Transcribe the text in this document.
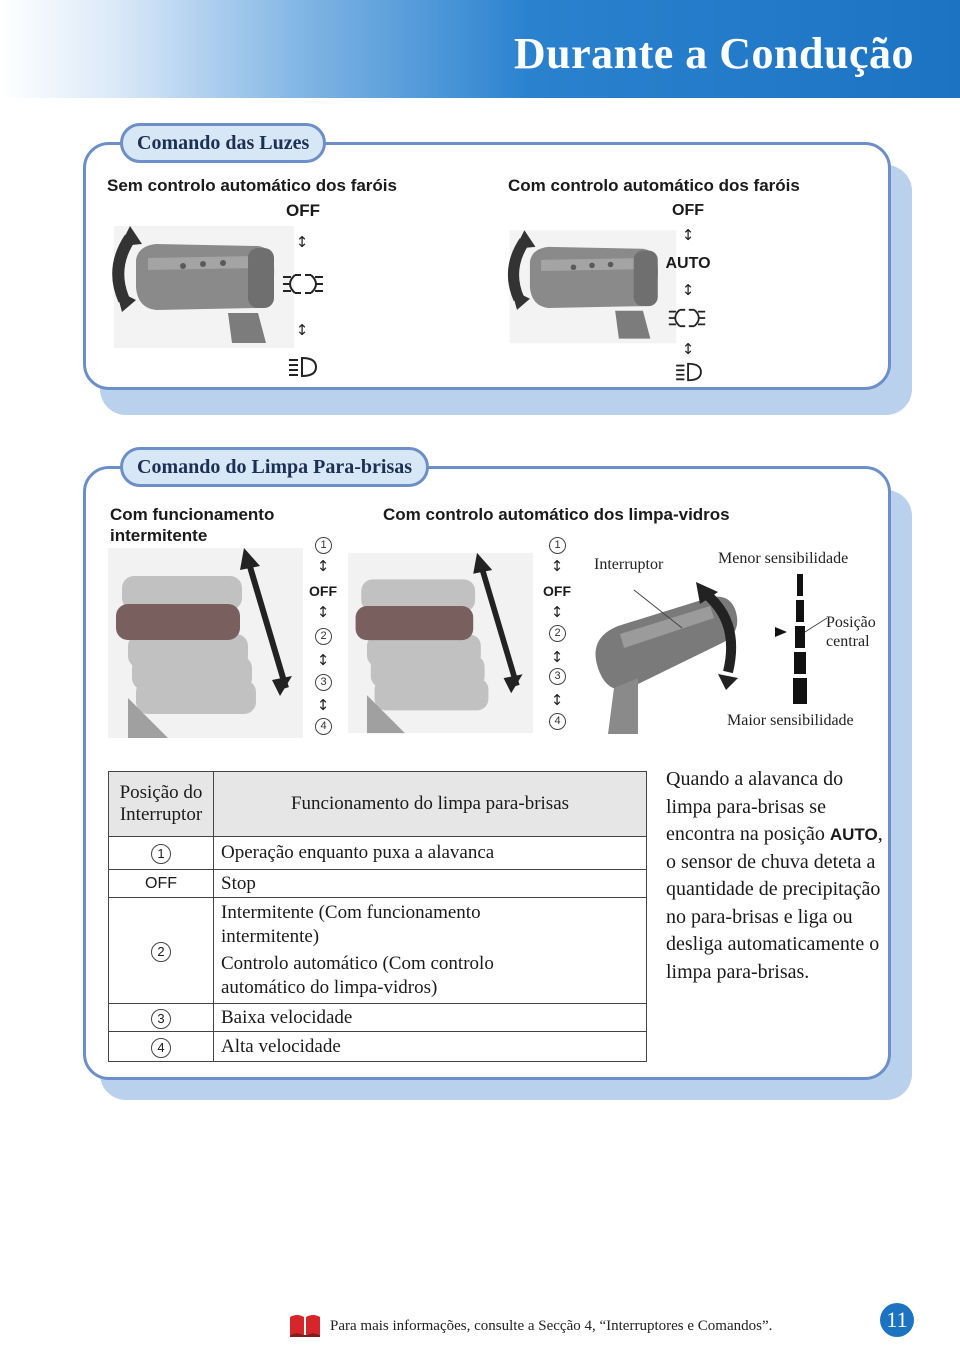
Durante a Condução
Comando das Luzes
Sem controlo automático dos faróis	Com controlo automático dos faróis
OFF
↕
↕
OFF
↕
AUTO
↕
↕
Comando do Limpa Para-brisas
Com funcionamento
intermitente
Com controlo automático dos limpa-vidros
1
↕
OFF
↕
2
↕
3
↕
4
1
↕
OFF
↕
2
↕
3
↕
4
Interruptor	Menor sensibilidade
Maior sensibilidade
Posição
central
Posição do
Interruptor	Funcionamento do limpa para-brisas
1	Operação enquanto puxa a alavanca
OFF	Stop
2	Intermitente (Com funcionamento
intermitente)
Controlo automático (Com controlo
automático do limpa-vidros)

3	Baixa velocidade
4	Alta velocidade
Quando a alavanca do limpa para-brisas se encontra na posição AUTO, o sensor de chuva deteta a quantidade de precipitação no para-brisas e liga ou desliga automaticamente o limpa para-brisas.
Para mais informações, consulte a Secção 4, “Interruptores e Comandos”.	11
